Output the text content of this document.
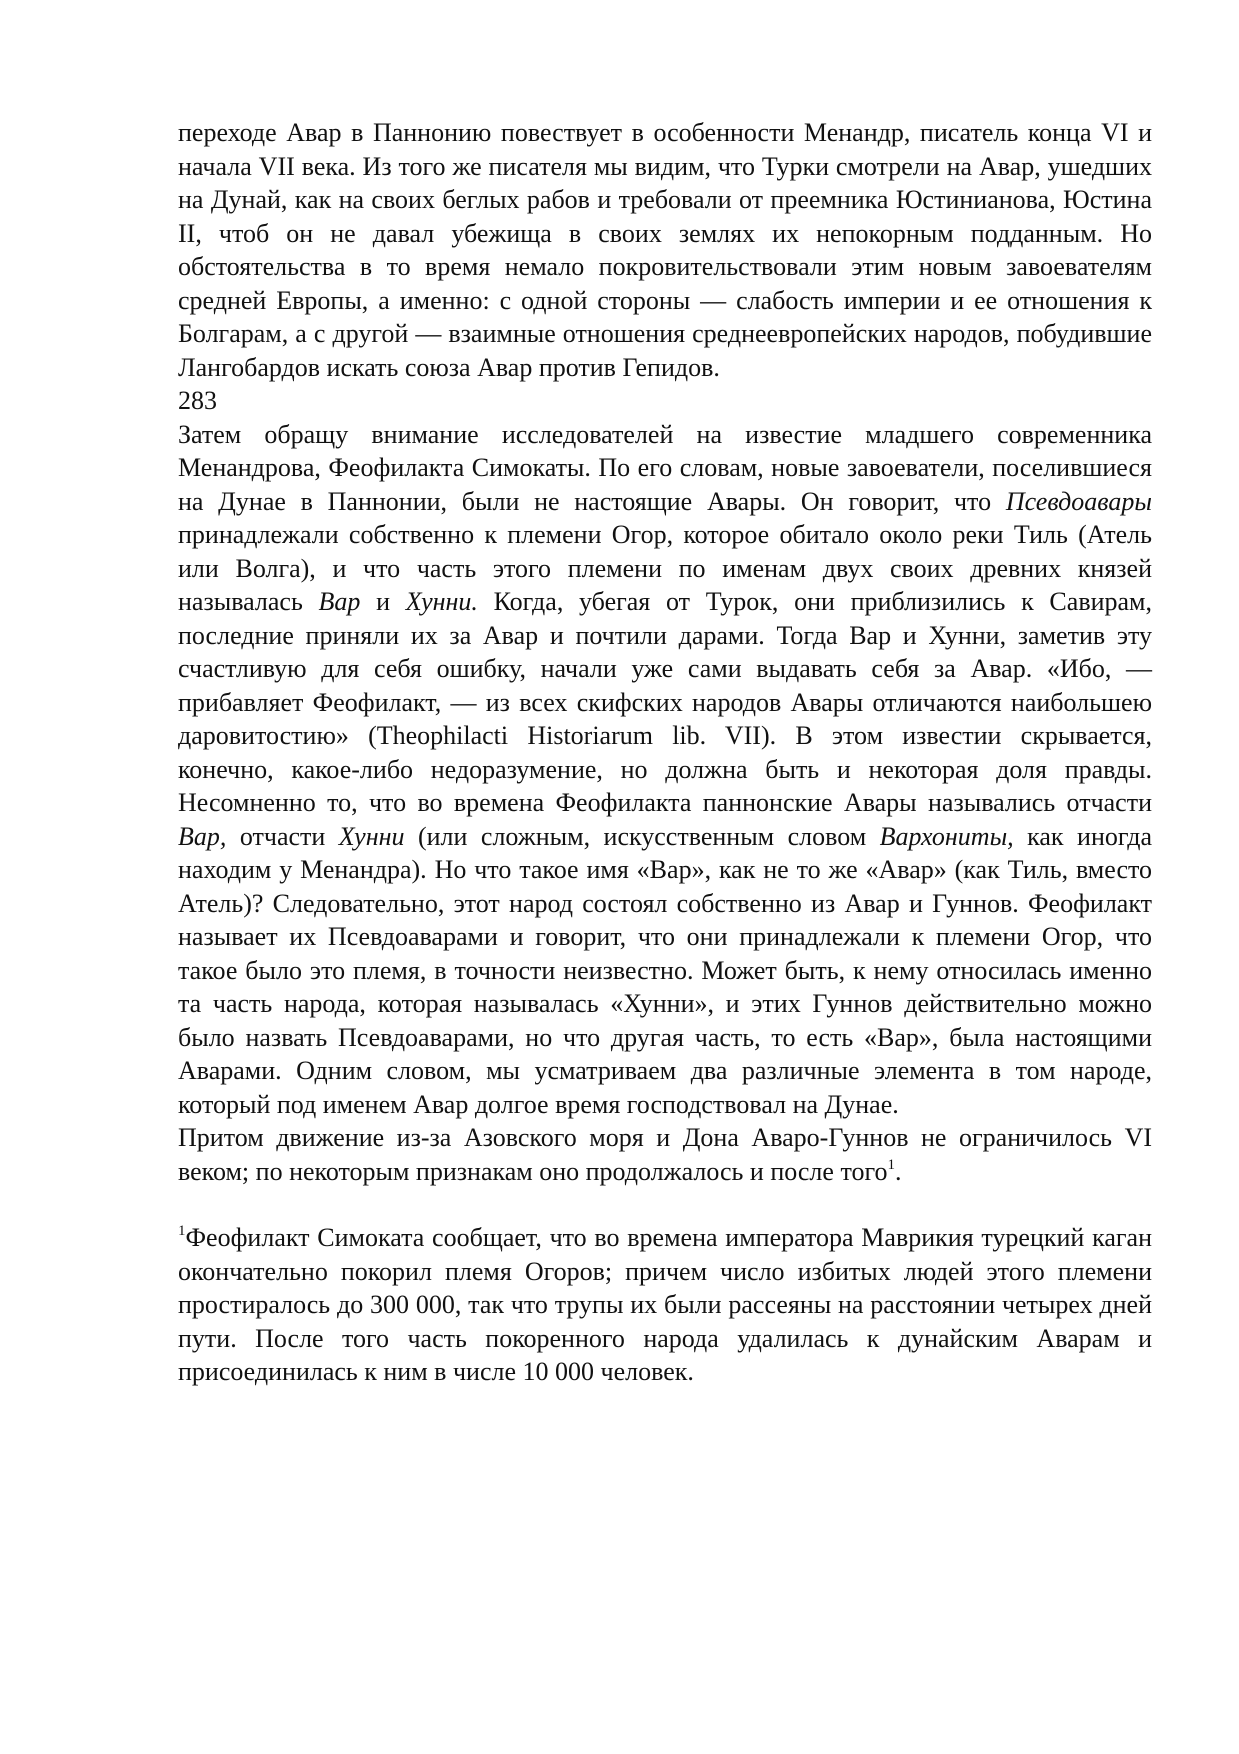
переходе Авар в Паннонию повествует в особенности Менандр, писатель конца VI и начала VII века. Из того же писателя мы видим, что Турки смотрели на Авар, ушедших на Дунай, как на своих беглых рабов и требовали от преемника Юстинианова, Юстина II, чтоб он не давал убежища в своих землях их непокорным подданным. Но обстоятельства в то время немало покровительствовали этим новым завоевателям средней Европы, а именно: с одной стороны — слабость империи и ее отношения к Болгарам, а с другой — взаимные отношения среднеевропейских народов, побудившие Лангобардов искать союза Авар против Гепидов.

283

Затем обращу внимание исследователей на известие младшего современника Менандрова, Феофилакта Симокаты. По его словам, новые завоеватели, поселившиеся на Дунае в Паннонии, были не настоящие Авары. Он говорит, что Псевдоавары принадлежали собственно к племени Огор, которое обитало около реки Тиль (Атель или Волга), и что часть этого племени по именам двух своих древних князей называлась Вар и Хунни. Когда, убегая от Турок, они приблизились к Савирам, последние приняли их за Авар и почтили дарами. Тогда Вар и Хунни, заметив эту счастливую для себя ошибку, начали уже сами выдавать себя за Авар. «Ибо, — прибавляет Феофилакт, — из всех скифских народов Авары отличаются наибольшею даровитостию» (Theophilacti Historiarum lib. VII). В этом известии скрывается, конечно, какое-либо недоразумение, но должна быть и некоторая доля правды. Несомненно то, что во времена Феофилакта паннонские Авары назывались отчасти Вар, отчасти Хунни (или сложным, искусственным словом Вархониты, как иногда находим у Менандра). Но что такое имя «Вар», как не то же «Авар» (как Тиль, вместо Атель)? Следовательно, этот народ состоял собственно из Авар и Гуннов. Феофилакт называет их Псевдоаварами и говорит, что они принадлежали к племени Огор, что такое было это племя, в точности неизвестно. Может быть, к нему относилась именно та часть народа, которая называлась «Хунни», и этих Гуннов действительно можно было назвать Псевдоаварами, но что другая часть, то есть «Вар», была настоящими Аварами. Одним словом, мы усматриваем два различные элемента в том народе, который под именем Авар долгое время господствовал на Дунае.

Притом движение из-за Азовского моря и Дона Аваро-Гуннов не ограничилось VI веком; по некоторым признакам оно продолжалось и после того$^1$.

$^1$Феофилакт Симоката сообщает, что во времена императора Маврикия турецкий каган окончательно покорил племя Огоров; причем число избитых людей этого племени простиралось до 300 000, так что трупы их были рассеяны на расстоянии четырех дней пути. После того часть покоренного народа удалилась к дунайским Аварам и присоединилась к ним в числе 10 000 человек.
